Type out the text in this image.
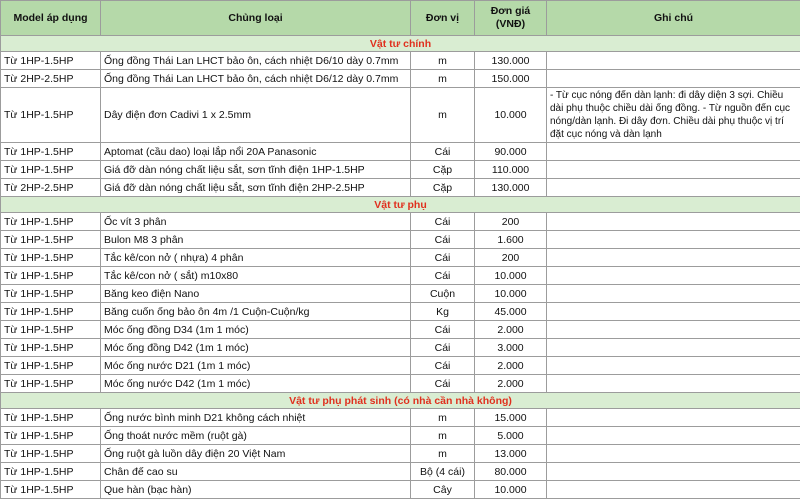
Model áp dụng	Chủng loại	Đơn vị	Đơn giá (VNĐ)	Ghi chú
Vật tư chính				
Từ 1HP-1.5HP	Ống đồng Thái Lan LHCT bảo ôn, cách nhiệt D6/10 dày 0.7mm	m	130.000	
Từ 2HP-2.5HP	Ống đồng Thái Lan LHCT bảo ôn, cách nhiệt D6/12 dày 0.7mm	m	150.000	
Từ 1HP-1.5HP	Dây điện đơn Cadivi 1 x 2.5mm	m	10.000	- Từ cục nóng đến dàn lạnh: đi dây diện 3 sợi. Chiều dài phụ thuộc chiều dài ống đồng. - Từ nguồn đến cục nóng/dàn lạnh. Đi dây đơn. Chiều dài phụ thuộc vị trí đặt cục nóng và dàn lạnh
Từ 1HP-1.5HP	Aptomat (cầu dao) loại lắp nổi 20A Panasonic	Cái	90.000	
Từ 1HP-1.5HP	Giá đỡ dàn nóng chất liệu sắt, sơn tĩnh điện 1HP-1.5HP	Cặp	110.000	
Từ 2HP-2.5HP	Giá đỡ dàn nóng chất liệu sắt, sơn tĩnh điện 2HP-2.5HP	Cặp	130.000	
Vật tư phụ				
Từ 1HP-1.5HP	Ốc vít 3 phân	Cái	200	
Từ 1HP-1.5HP	Bulon M8 3 phân	Cái	1.600	
Từ 1HP-1.5HP	Tắc kê/con nở ( nhựa) 4 phân	Cái	200	
Từ 1HP-1.5HP	Tắc kê/con nở ( sắt) m10x80	Cái	10.000	
Từ 1HP-1.5HP	Băng keo điện Nano	Cuộn	10.000	
Từ 1HP-1.5HP	Băng cuốn ống bảo ôn 4m /1 Cuộn-Cuộn/kg	Kg	45.000	
Từ 1HP-1.5HP	Móc ống đồng D34 (1m 1 móc)	Cái	2.000	
Từ 1HP-1.5HP	Móc ống đồng D42 (1m 1 móc)	Cái	3.000	
Từ 1HP-1.5HP	Móc ống nước D21 (1m 1 móc)	Cái	2.000	
Từ 1HP-1.5HP	Móc ống nước D42 (1m 1 móc)	Cái	2.000	
Vật tư phụ phát sinh (có nhà cần nhà không)				
Từ 1HP-1.5HP	Ống nước bình minh D21 không cách nhiệt	m	15.000	
Từ 1HP-1.5HP	Ống thoát nước mềm (ruột gà)	m	5.000	
Từ 1HP-1.5HP	Ống ruột gà luồn dây điện 20 Việt Nam	m	13.000	
Từ 1HP-1.5HP	Chân đế cao su	Bộ (4 cái)	80.000	
Từ 1HP-1.5HP	Que hàn (bạc hàn)	Cây	10.000	
